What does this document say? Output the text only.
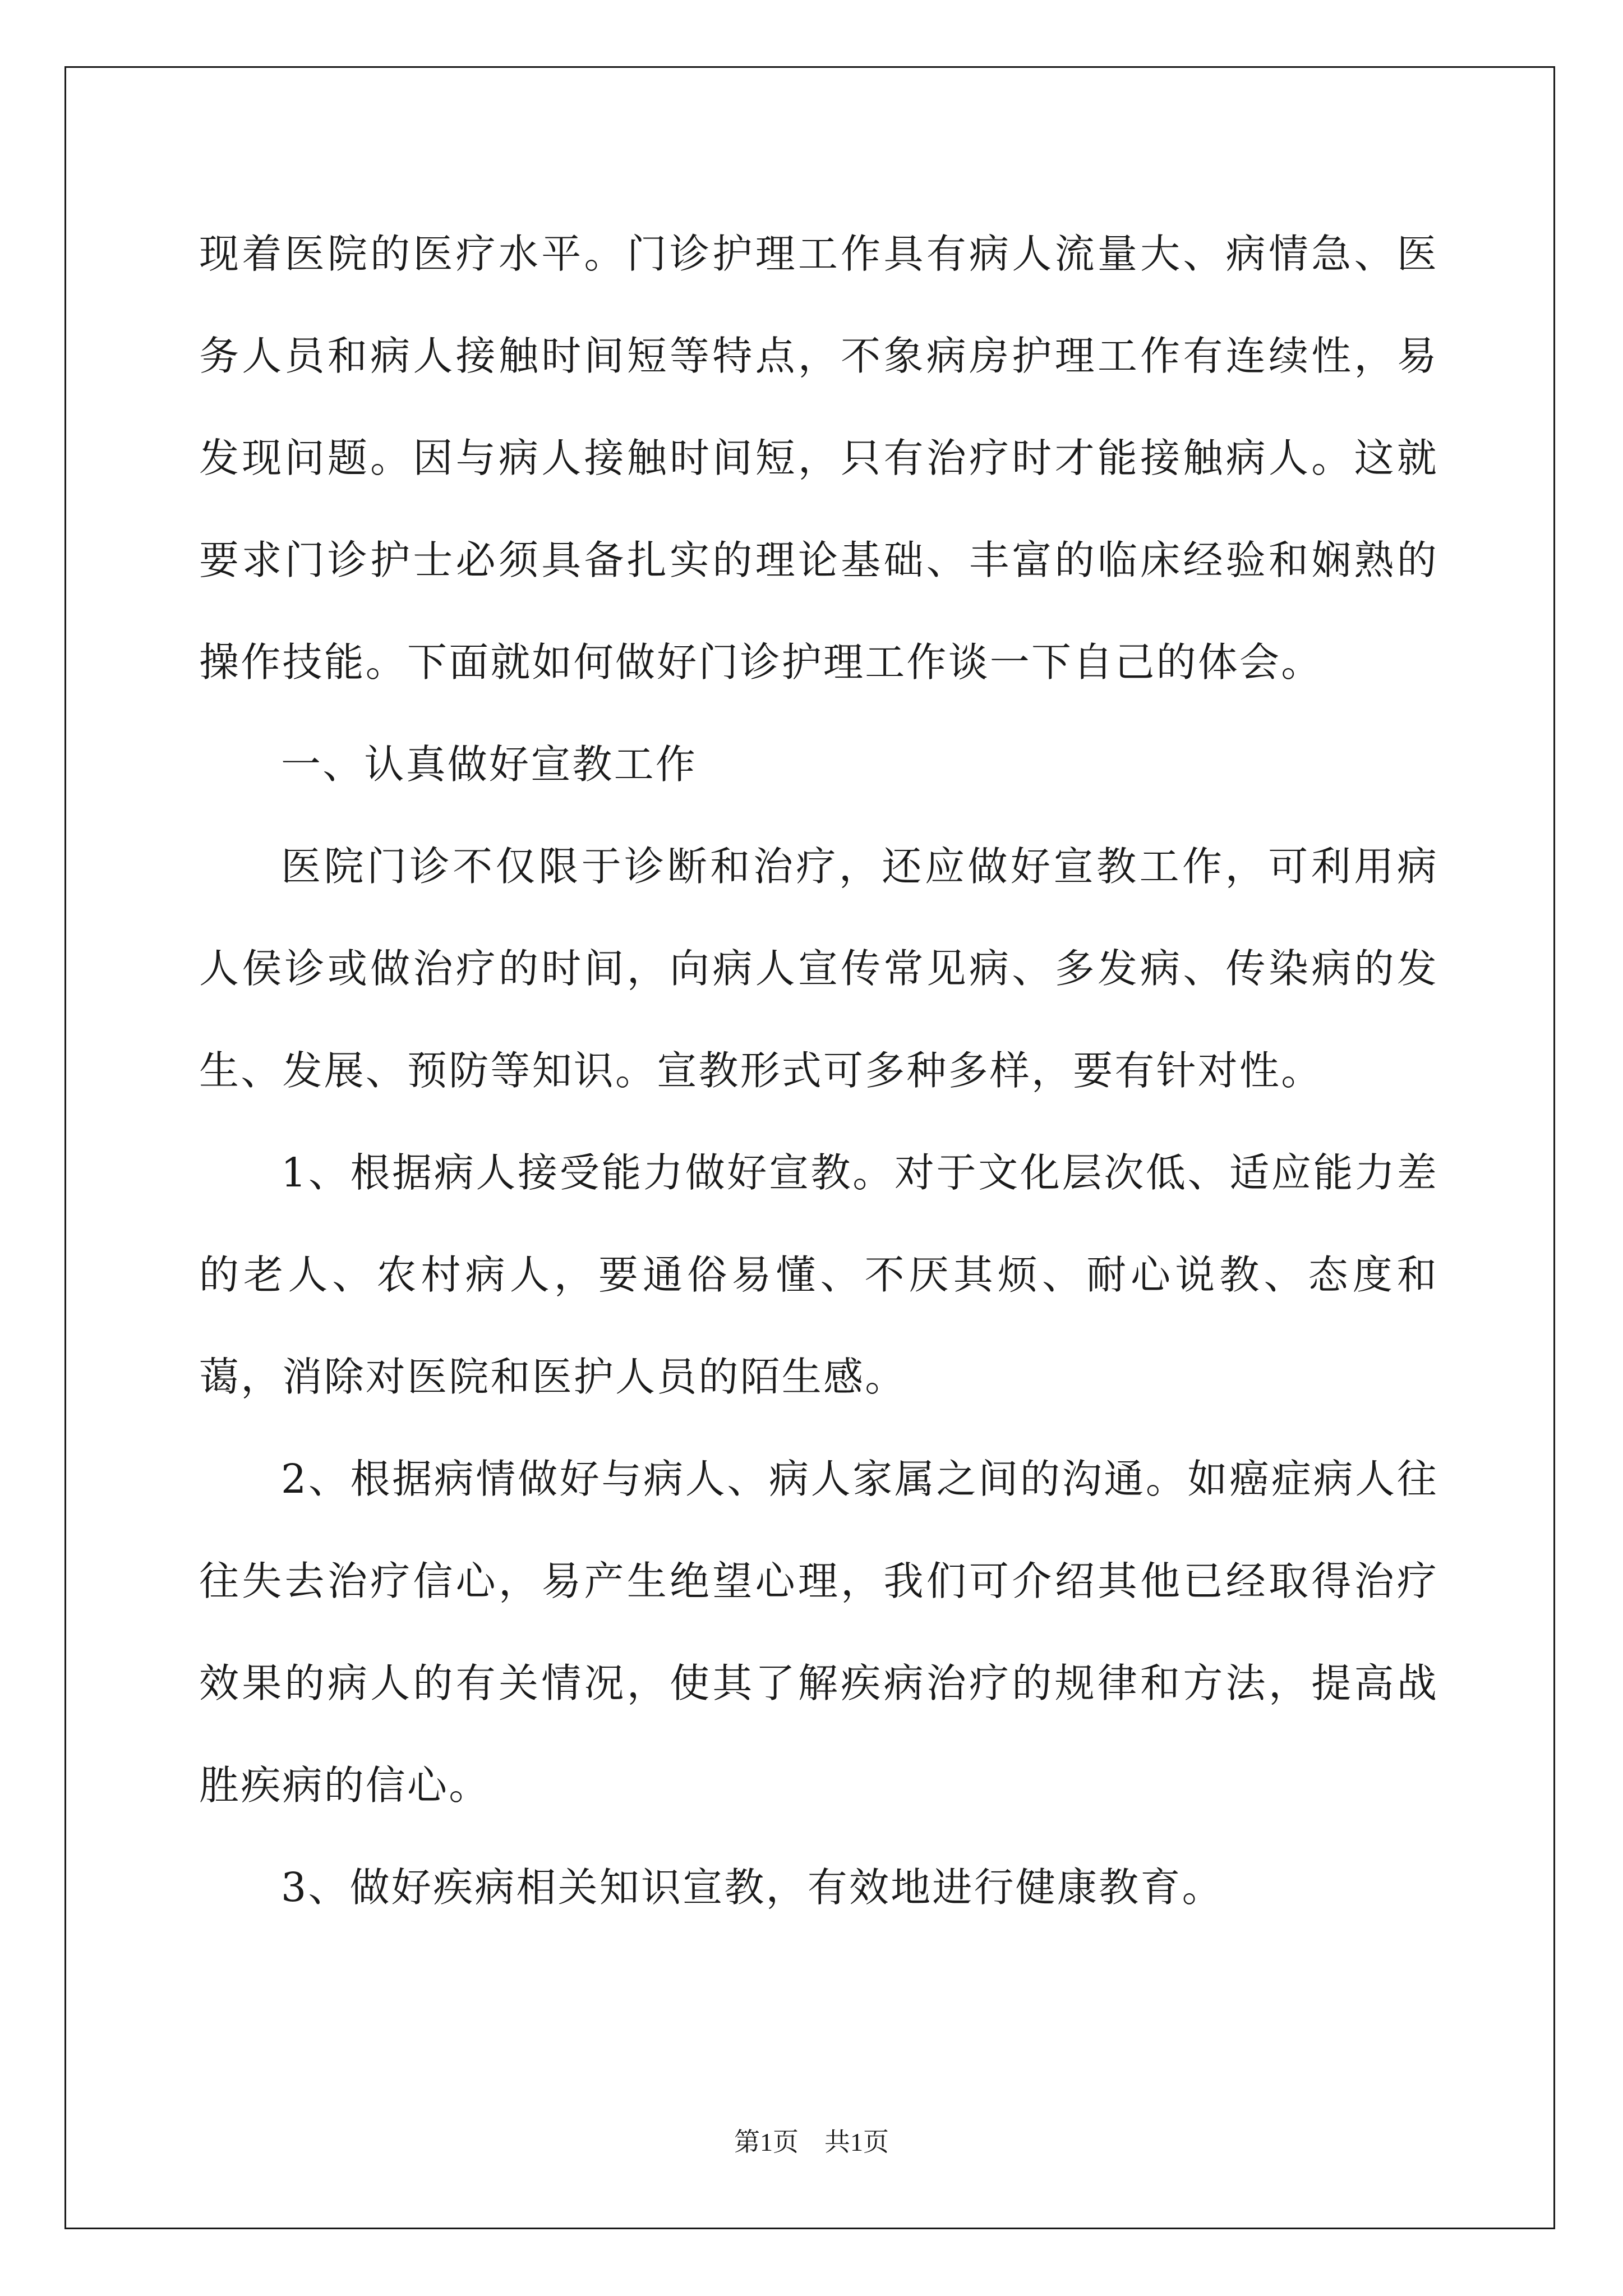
现着医院的医疗水平。门诊护理工作具有病人流量大、病情急、医务人员和病人接触时间短等特点，不象病房护理工作有连续性，易发现问题。因与病人接触时间短，只有治疗时才能接触病人。这就要求门诊护士必须具备扎实的理论基础、丰富的临床经验和娴熟的操作技能。下面就如何做好门诊护理工作谈一下自己的体会。

一、认真做好宣教工作

医院门诊不仅限于诊断和治疗，还应做好宣教工作，可利用病人侯诊或做治疗的时间，向病人宣传常见病、多发病、传染病的发生、发展、预防等知识。宣教形式可多种多样，要有针对性。

1、根据病人接受能力做好宣教。对于文化层次低、适应能力差的老人、农村病人，要通俗易懂、不厌其烦、耐心说教、态度和蔼，消除对医院和医护人员的陌生感。

2、根据病情做好与病人、病人家属之间的沟通。如癌症病人往往失去治疗信心，易产生绝望心理，我们可介绍其他已经取得治疗效果的病人的有关情况，使其了解疾病治疗的规律和方法，提高战胜疾病的信心。

3、做好疾病相关知识宣教，有效地进行健康教育。

第1页 共1页
